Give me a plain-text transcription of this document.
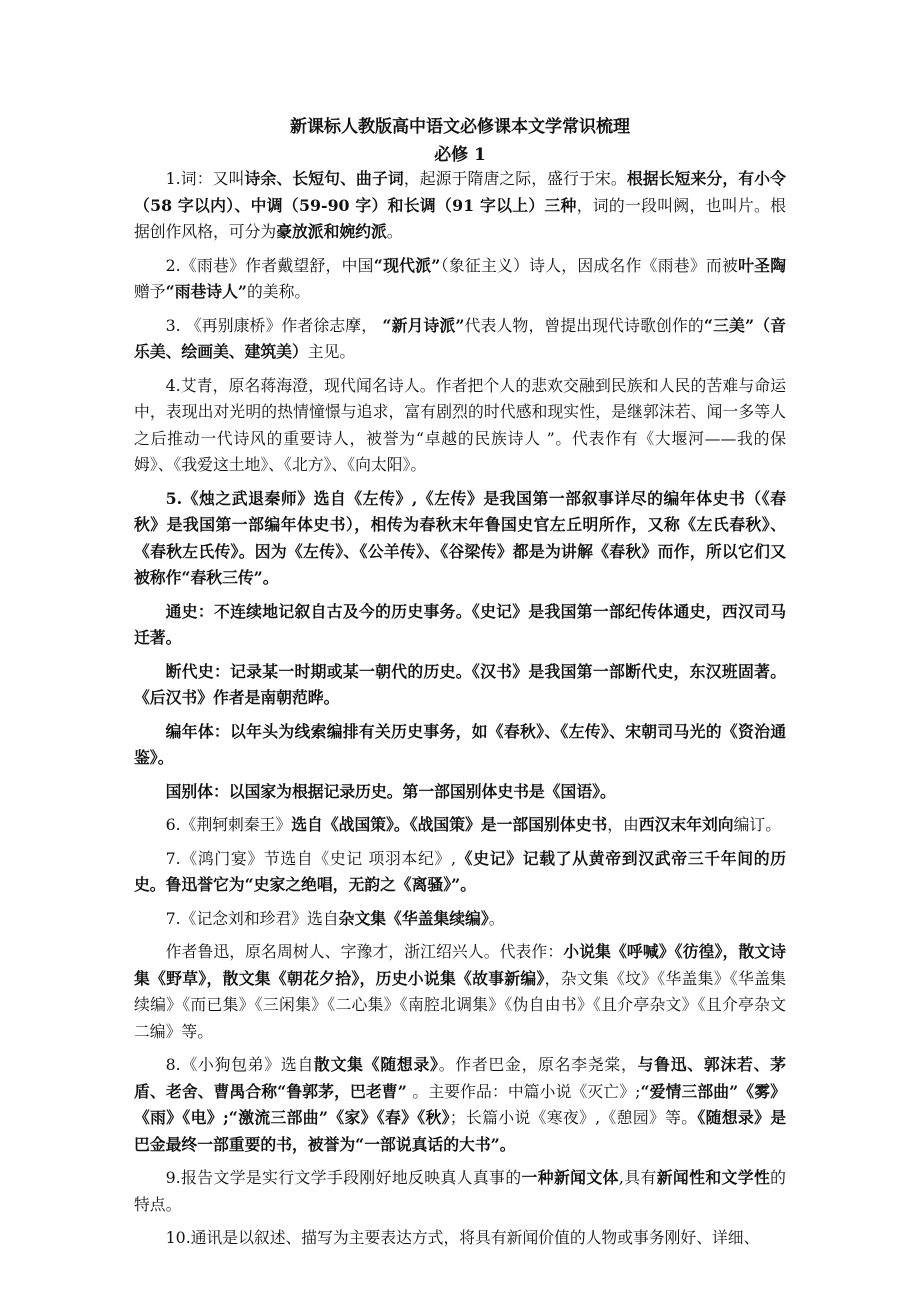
新课标人教版高中语文必修课本文学常识梳理
必修 1

1.词：又叫诗余、长短句、曲子词，起源于隋唐之际，盛行于宋。根据长短来分，有小令（58 字以内）、中调（59-90 字）和长调（91 字以上）三种，词的一段叫阙，也叫片。根据创作风格，可分为豪放派和婉约派。

2.《雨巷》作者戴望舒，中国“现代派”（象征主义）诗人，因成名作《雨巷》而被叶圣陶赠予“雨巷诗人”的美称。

3. 《再别康桥》作者徐志摩， “新月诗派”代表人物，曾提出现代诗歌创作的“三美”（音乐美、绘画美、建筑美）主见。

4.艾青，原名蒋海澄，现代闻名诗人。作者把个人的悲欢交融到民族和人民的苦难与命运中，表现出对光明的热情憧憬与追求，富有剧烈的时代感和现实性，是继郭沫若、闻一多等人之后推动一代诗风的重要诗人，被誉为“卓越的民族诗人 ”。代表作有《大堰河——我的保姆》、《我爱这土地》、《北方》、《向太阳》。

5.《烛之武退秦师》选自《左传》,《左传》是我国第一部叙事详尽的编年体史书（《春秋》是我国第一部编年体史书），相传为春秋末年鲁国史官左丘明所作，又称《左氏春秋》、《春秋左氏传》。因为《左传》、《公羊传》、《谷梁传》都是为讲解《春秋》而作，所以它们又被称作“春秋三传”。

通史：不连续地记叙自古及今的历史事务。《史记》是我国第一部纪传体通史，西汉司马迁著。

断代史：记录某一时期或某一朝代的历史。《汉书》是我国第一部断代史，东汉班固著。《后汉书》作者是南朝范晔。

编年体：以年头为线索编排有关历史事务，如《春秋》、《左传》、宋朝司马光的《资治通鉴》。

国别体：以国家为根据记录历史。第一部国别体史书是《国语》。

6.《荆轲刺秦王》选自《战国策》。《战国策》是一部国别体史书，由西汉末年刘向编订。

7.《鸿门宴》节选自《史记 项羽本纪》,《史记》记载了从黄帝到汉武帝三千年间的历史。鲁迅誉它为“史家之绝唱，无韵之《离骚》”。

7.《记念刘和珍君》选自杂文集《华盖集续编》。

作者鲁迅，原名周树人、字豫才，浙江绍兴人。代表作：小说集《呼喊》《彷徨》，散文诗集《野草》，散文集《朝花夕拾》，历史小说集《故事新编》，杂文集《坟》《华盖集》《华盖集续编》《而已集》《三闲集》《二心集》《南腔北调集》《伪自由书》《且介亭杂文》《且介亭杂文二编》等。

8.《小狗包弟》选自散文集《随想录》。作者巴金，原名李尧棠，与鲁迅、郭沫若、茅盾、老舍、曹禺合称“鲁郭茅，巴老曹” 。主要作品：中篇小说《灭亡》;“爱情三部曲”《雾》《雨》《电》;“激流三部曲”《家》《春》《秋》；长篇小说《寒夜》,《憩园》等。《随想录》是巴金最终一部重要的书，被誉为“一部说真话的大书”。

9.报告文学是实行文学手段刚好地反映真人真事的一种新闻文体,具有新闻性和文学性的特点。

10.通讯是以叙述、描写为主要表达方式，将具有新闻价值的人物或事务刚好、详细、
